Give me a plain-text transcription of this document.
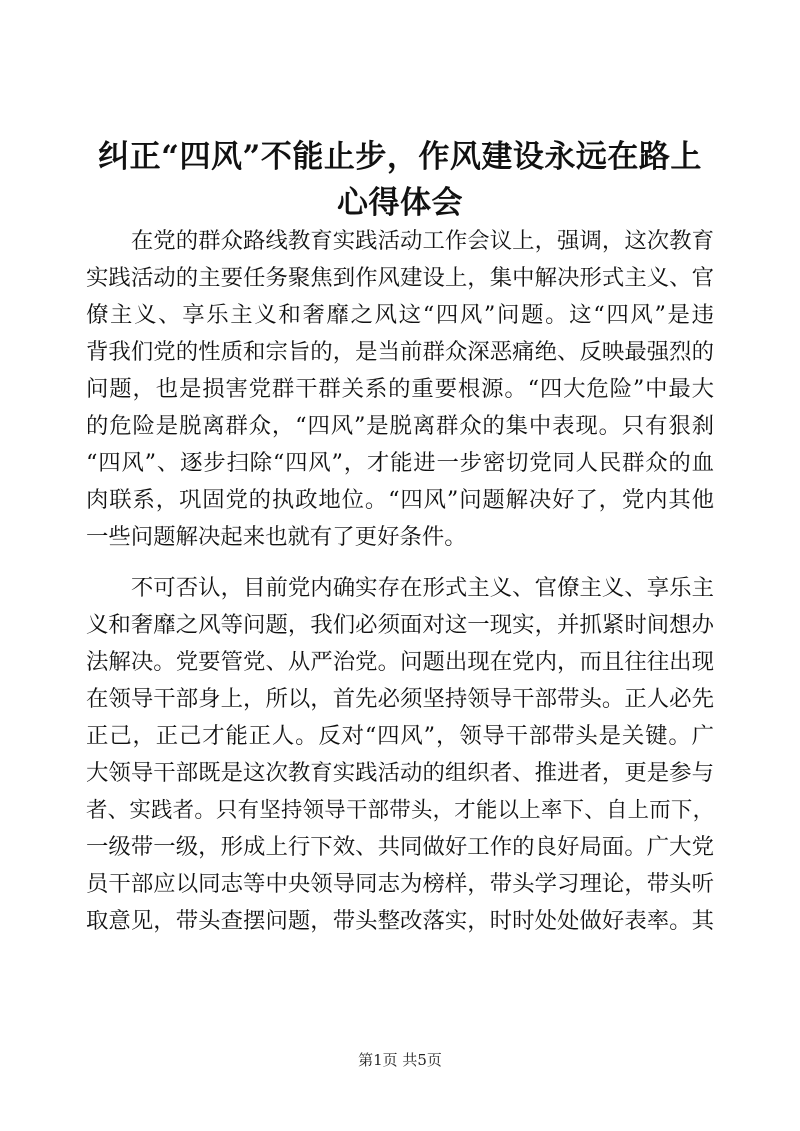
纠正“四风”不能止步，作风建设永远在路上
心得体会

　　在党的群众路线教育实践活动工作会议上，强调，这次教育
实践活动的主要任务聚焦到作风建设上，集中解决形式主义、官
僚主义、享乐主义和奢靡之风这“四风”问题。这“四风”是违
背我们党的性质和宗旨的，是当前群众深恶痛绝、反映最强烈的
问题，也是损害党群干群关系的重要根源。“四大危险”中最大
的危险是脱离群众，“四风”是脱离群众的集中表现。只有狠刹
“四风”、逐步扫除“四风”，才能进一步密切党同人民群众的血
肉联系，巩固党的执政地位。“四风”问题解决好了，党内其他
一些问题解决起来也就有了更好条件。

　　不可否认，目前党内确实存在形式主义、官僚主义、享乐主
义和奢靡之风等问题，我们必须面对这一现实，并抓紧时间想办
法解决。党要管党、从严治党。问题出现在党内，而且往往出现
在领导干部身上，所以，首先必须坚持领导干部带头。正人必先
正己，正己才能正人。反对“四风”，领导干部带头是关键。广
大领导干部既是这次教育实践活动的组织者、推进者，更是参与
者、实践者。只有坚持领导干部带头，才能以上率下、自上而下，
一级带一级，形成上行下效、共同做好工作的良好局面。广大党
员干部应以同志等中央领导同志为榜样，带头学习理论，带头听
取意见，带头查摆问题，带头整改落实，时时处处做好表率。其

第1页 共5页
